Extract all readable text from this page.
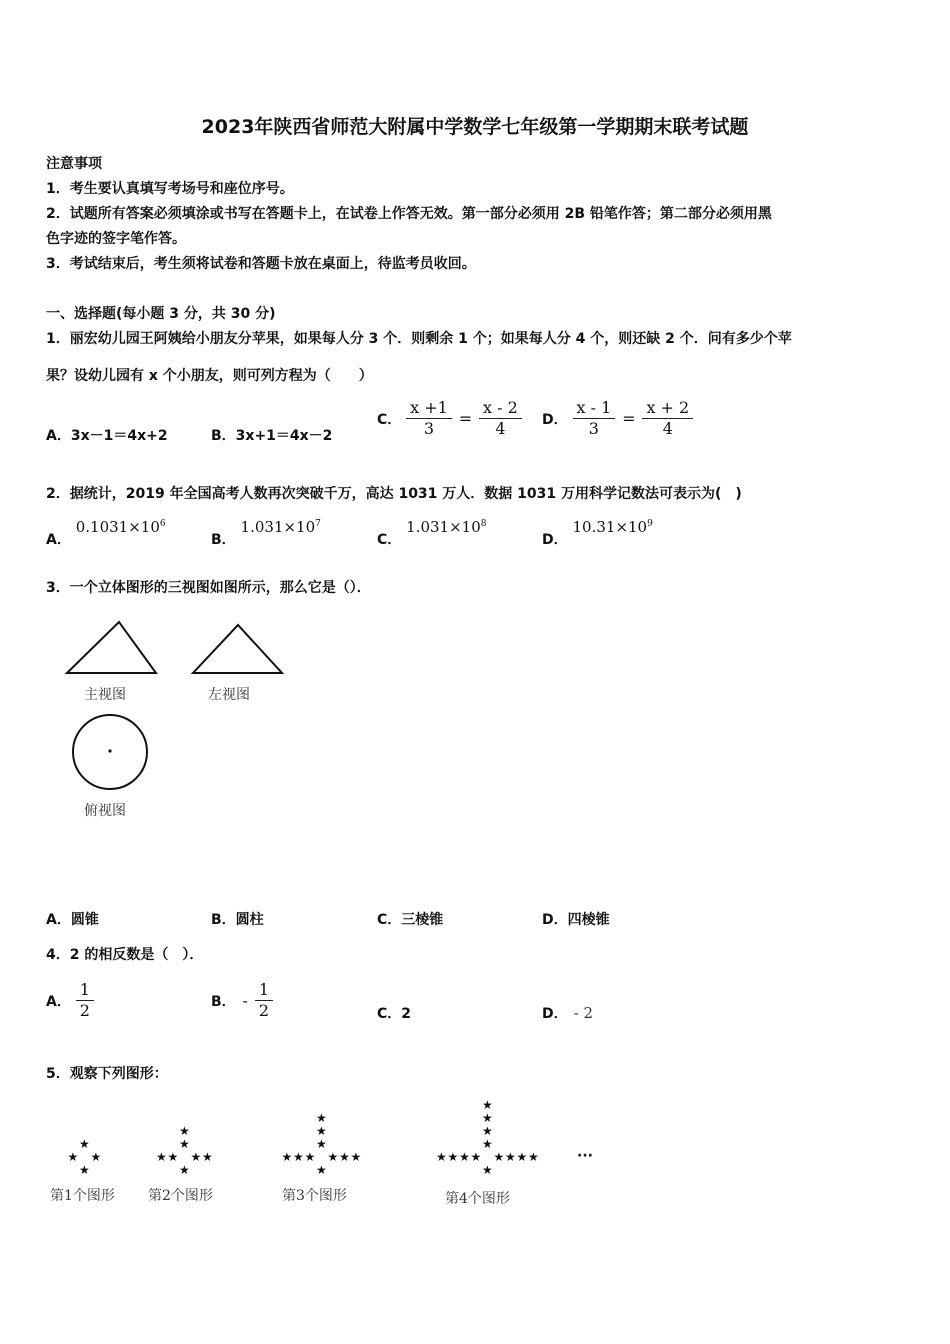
2023年陕西省师范大附属中学数学七年级第一学期期末联考试题
注意事项
1．考生要认真填写考场号和座位序号。
2．试题所有答案必须填涂或书写在答题卡上，在试卷上作答无效。第一部分必须用 2B 铅笔作答；第二部分必须用黑
色字迹的签字笔作答。
3．考试结束后，考生须将试卷和答题卡放在桌面上，待监考员收回。
一、选择题(每小题 3 分，共 30 分)
1．丽宏幼儿园王阿姨给小朋友分苹果，如果每人分 3 个．则剩余 1 个；如果每人分 4 个，则还缺 2 个．问有多少个苹
果？设幼儿园有 x 个小朋友，则可列方程为（　　）
A．3x－1＝4x+2	B．3x+1＝4x－2
C． $\frac{x +1}{3} = \frac{x - 2}{4}$ D． $\frac{x - 1}{3} = \frac{x + 2}{4}$
2．据统计，2019 年全国高考人数再次突破千万，高达 1031 万人．数据 1031 万用科学记数法可表示为(　)
A． $0.1031\times 10^6$
B． $1.031\times 10^7$
C． $1.031\times 10^8$
D． $10.31\times 10^9$
3．一个立体图形的三视图如图所示，那么它是（）．
主视图	左视图
俯视图
A．圆锥	B．圆柱	C．三棱锥	D．四棱锥
4．2 的相反数是（　）．
A． $\frac{1}{2}$	B． - $\frac{1}{2}$	C．2	D． - 2
5．观察下列图形：
★
★ ★
★
★
★ ★
★
★	★
★
★
★ ★
★
★	★
★
★	★
★
★
★ ★
★
★	★
★
★	★
★
★	★
★
第1个图形 第2个图形	第3个图形	第4个图形
···
